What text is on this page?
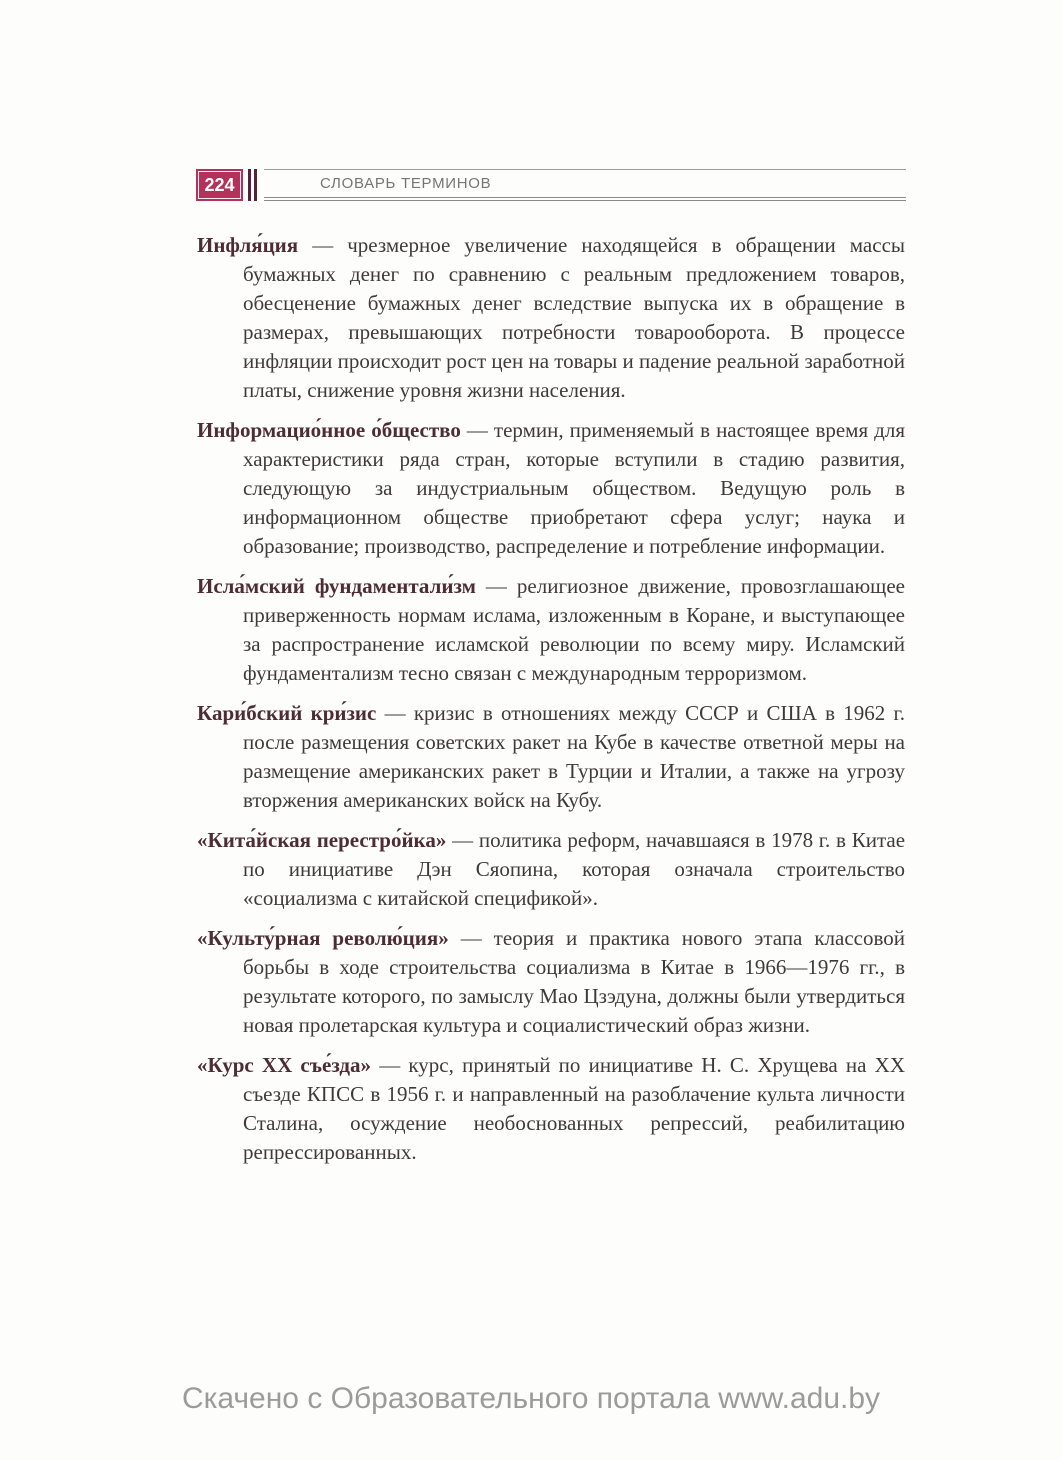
224	СЛОВАРЬ ТЕРМИНОВ

Инфля́ция — чрезмерное увеличение находящейся в обращении массы бумажных денег по сравнению с реальным предложением товаров, обесценение бумажных денег вследствие выпуска их в обращение в размерах, превышающих потребности товарооборота. В процессе инфляции происходит рост цен на товары и падение реальной заработной платы, снижение уровня жизни населения.

Информацио́нное о́бщество — термин, применяемый в настоящее время для характеристики ряда стран, которые вступили в стадию развития, следующую за индустриальным обществом. Ведущую роль в информационном обществе приобретают сфера услуг; наука и образование; производство, распределение и потребление информации.

Исла́мский фундаментали́зм — религиозное движение, провозглашающее приверженность нормам ислама, изложенным в Коране, и выступающее за распространение исламской революции по всему миру. Исламский фундаментализм тесно связан с международным терроризмом.

Кари́бский кри́зис — кризис в отношениях между СССР и США в 1962 г. после размещения советских ракет на Кубе в качестве ответной меры на размещение американских ракет в Турции и Италии, а также на угрозу вторжения американских войск на Кубу.

«Кита́йская перестро́йка» — политика реформ, начавшаяся в 1978 г. в Китае по инициативе Дэн Сяопина, которая означала строительство «социализма с китайской спецификой».

«Культу́рная револю́ция» — теория и практика нового этапа классовой борьбы в ходе строительства социализма в Китае в 1966—1976 гг., в результате которого, по замыслу Мао Цзэдуна, должны были утвердиться новая пролетарская культура и социалистический образ жизни.

«Курс XX съе́зда» — курс, принятый по инициативе Н. С. Хрущева на XX съезде КПСС в 1956 г. и направленный на разоблачение культа личности Сталина, осуждение необоснованных репрессий, реабилитацию репрессированных.

Скачено с Образовательного портала www.adu.by
